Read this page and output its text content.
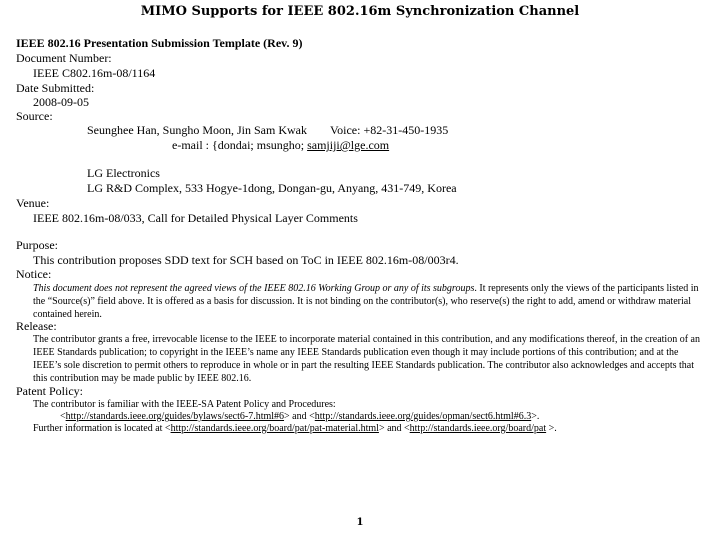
MIMO Supports for IEEE 802.16m Synchronization Channel
IEEE 802.16 Presentation Submission Template (Rev. 9)
Document Number:
IEEE C802.16m-08/1164
Date Submitted:
2008-09-05
Source:
Seunghee Han, Sungho Moon, Jin Sam Kwak Voice: +82-31-450-1935
e-mail : {dondai; msungho; samjiji@lge.com
LG Electronics
LG R&D Complex, 533 Hogye-1dong, Dongan-gu, Anyang, 431-749, Korea
Venue:
IEEE 802.16m-08/033, Call for Detailed Physical Layer Comments
Purpose:
This contribution proposes SDD text for SCH based on ToC in IEEE 802.16m-08/003r4.
Notice:
This document does not represent the agreed views of the IEEE 802.16 Working Group or any of its subgroups. It represents only the views of the participants listed in the “Source(s)” field above. It is offered as a basis for discussion. It is not binding on the contributor(s), who reserve(s) the right to add, amend or withdraw material contained herein.
Release:
The contributor grants a free, irrevocable license to the IEEE to incorporate material contained in this contribution, and any modifications thereof, in the creation of an IEEE Standards publication; to copyright in the IEEE’s name any IEEE Standards publication even though it may include portions of this contribution; and at the IEEE’s sole discretion to permit others to reproduce in whole or in part the resulting IEEE Standards publication. The contributor also acknowledges and accepts that this contribution may be made public by IEEE 802.16.
Patent Policy:
The contributor is familiar with the IEEE-SA Patent Policy and Procedures:
<http://standards.ieee.org/guides/bylaws/sect6-7.html#6> and <http://standards.ieee.org/guides/opman/sect6.html#6.3>.
Further information is located at <http://standards.ieee.org/board/pat/pat-material.html> and <http://standards.ieee.org/board/pat >.
1
